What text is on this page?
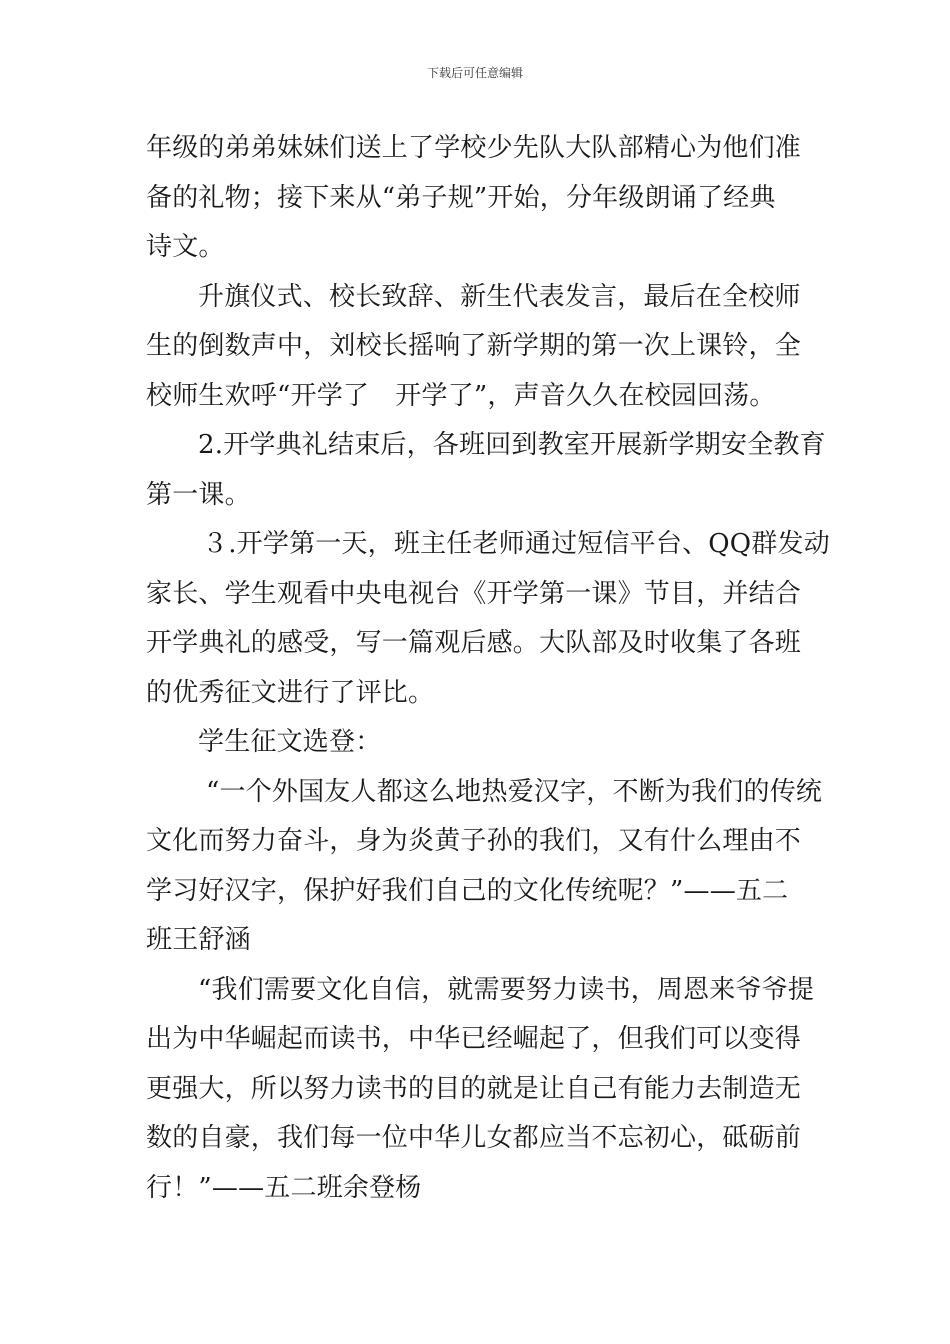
下载后可任意编辑
年级的弟弟妹妹们送上了学校少先队大队部精心为他们准
备的礼物；接下来从“弟子规”开始，分年级朗诵了经典
诗文。
升旗仪式、校长致辞、新生代表发言，最后在全校师
生的倒数声中，刘校长摇响了新学期的第一次上课铃，全
校师生欢呼“开学了　开学了”，声音久久在校园回荡。
2.开学典礼结束后，各班回到教室开展新学期安全教育
第一课。
３.开学第一天，班主任老师通过短信平台、QQ群发动
家长、学生观看中央电视台《开学第一课》节目，并结合
开学典礼的感受，写一篇观后感。大队部及时收集了各班
的优秀征文进行了评比。
学生征文选登：
“一个外国友人都这么地热爱汉字，不断为我们的传统
文化而努力奋斗，身为炎黄子孙的我们，又有什么理由不
学习好汉字，保护好我们自己的文化传统呢？”——五二
班王舒涵
“我们需要文化自信，就需要努力读书，周恩来爷爷提
出为中华崛起而读书，中华已经崛起了，但我们可以变得
更强大，所以努力读书的目的就是让自己有能力去制造无
数的自豪，我们每一位中华儿女都应当不忘初心，砥砺前
行！”——五二班余登杨
